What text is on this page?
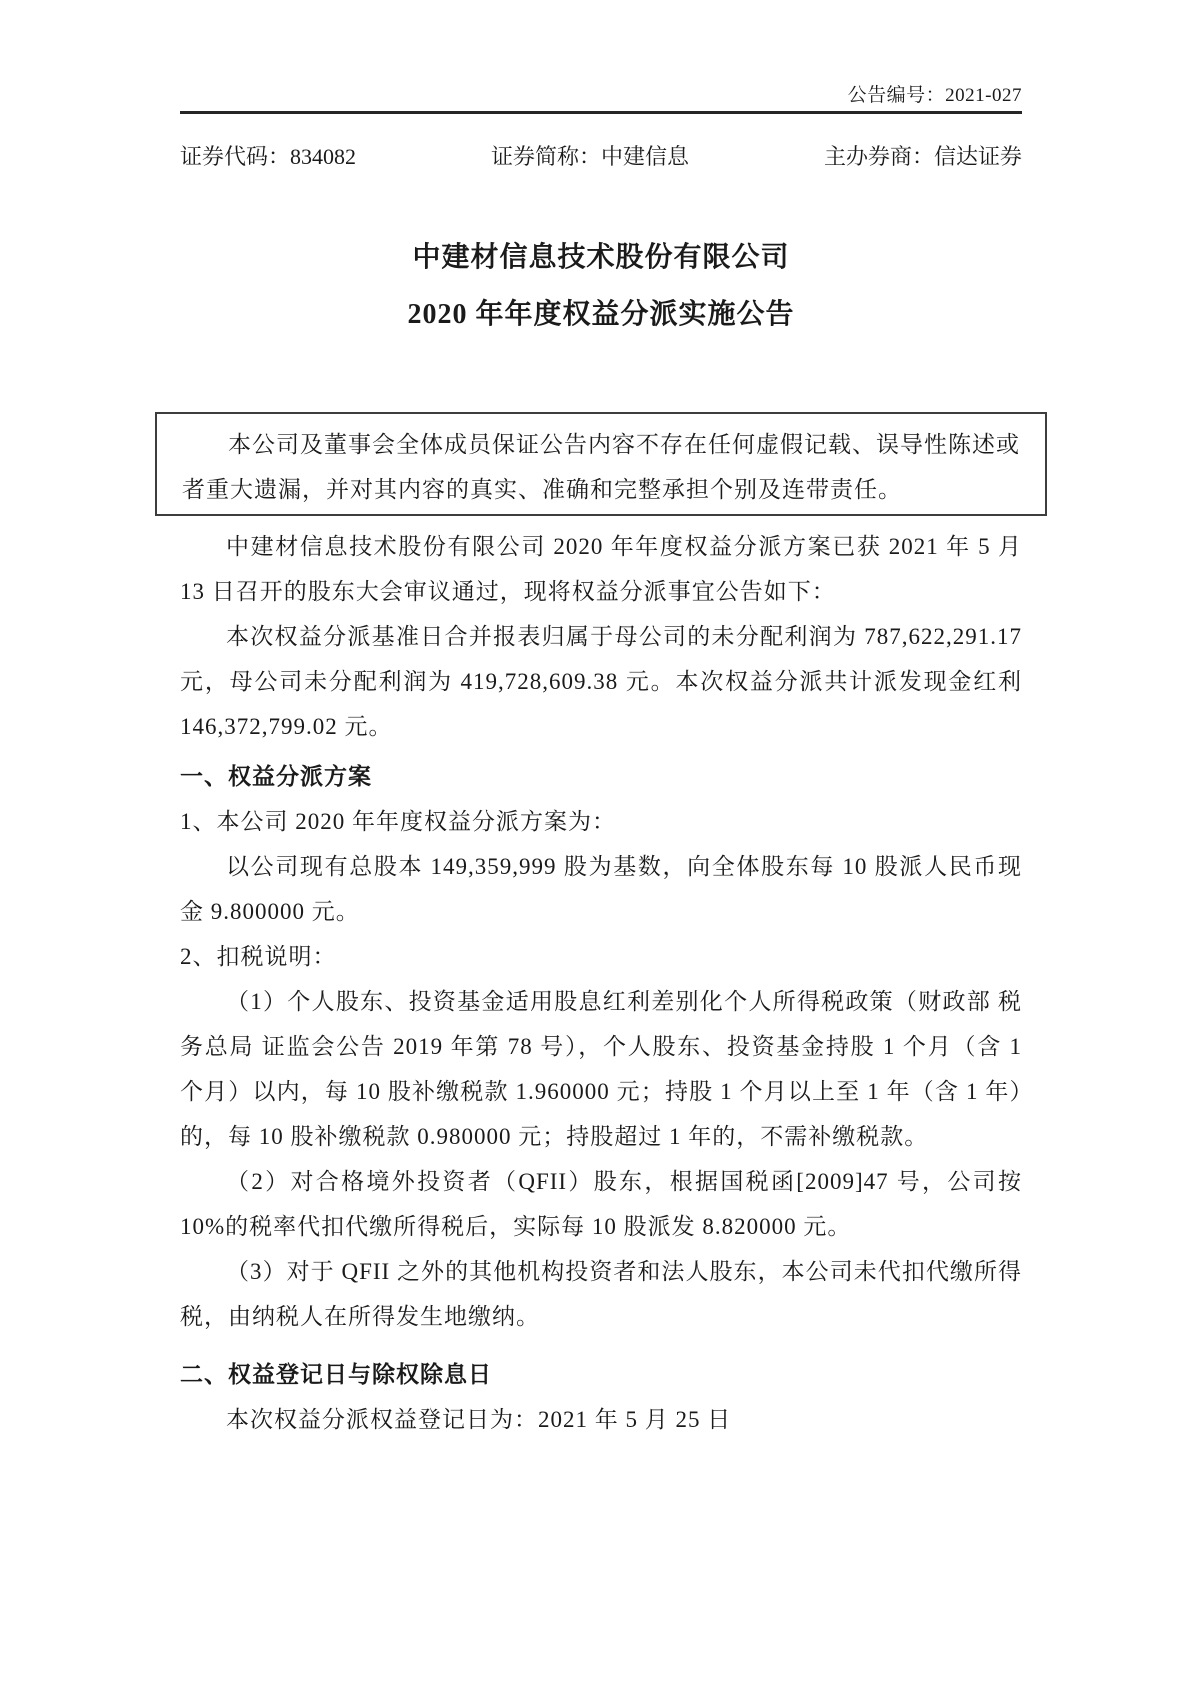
公告编号：2021-027
证券代码：834082	证券简称：中建信息	主办券商：信达证券
中建材信息技术股份有限公司
2020 年年度权益分派实施公告
本公司及董事会全体成员保证公告内容不存在任何虚假记载、误导性陈述或者重大遗漏，并对其内容的真实、准确和完整承担个别及连带责任。

中建材信息技术股份有限公司 2020 年年度权益分派方案已获 2021 年 5 月 13 日召开的股东大会审议通过，现将权益分派事宜公告如下：

本次权益分派基准日合并报表归属于母公司的未分配利润为 787,622,291.17 元，母公司未分配利润为 419,728,609.38 元。本次权益分派共计派发现金红利 146,372,799.02 元。

一、权益分派方案

1、本公司 2020 年年度权益分派方案为：

以公司现有总股本 149,359,999 股为基数，向全体股东每 10 股派人民币现金 9.800000 元。

2、扣税说明：

（1）个人股东、投资基金适用股息红利差别化个人所得税政策（财政部 税务总局 证监会公告 2019 年第 78 号），个人股东、投资基金持股 1 个月（含 1 个月）以内，每 10 股补缴税款 1.960000 元；持股 1 个月以上至 1 年（含 1 年）的，每 10 股补缴税款 0.980000 元；持股超过 1 年的，不需补缴税款。

（2）对合格境外投资者（QFII）股东，根据国税函[2009]47 号，公司按 10%的税率代扣代缴所得税后，实际每 10 股派发 8.820000 元。

（3）对于 QFII 之外的其他机构投资者和法人股东，本公司未代扣代缴所得税，由纳税人在所得发生地缴纳。

二、权益登记日与除权除息日

本次权益分派权益登记日为：2021 年 5 月 25 日
